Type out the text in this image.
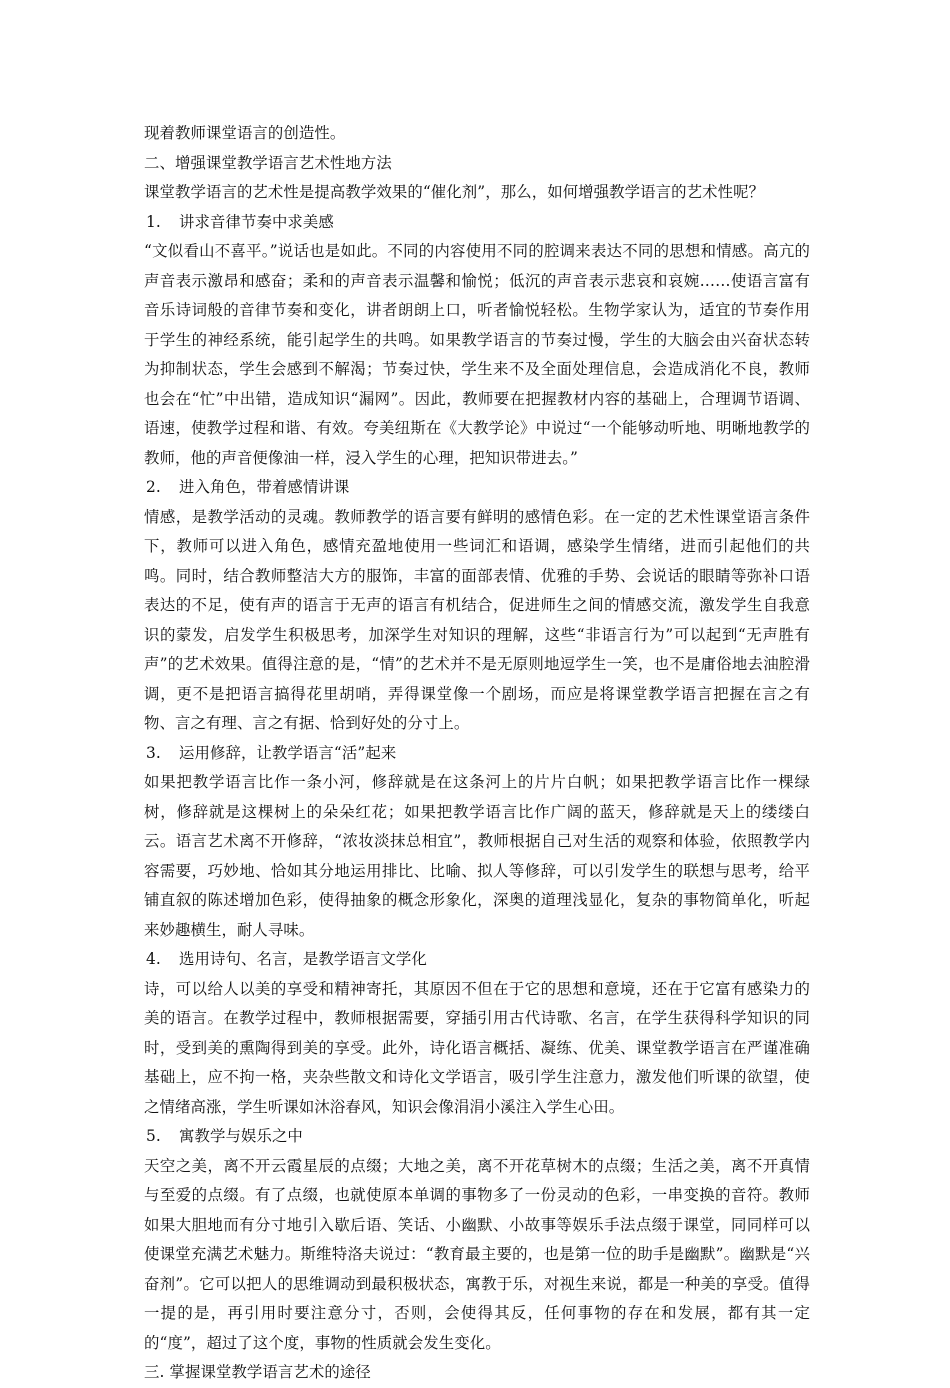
现着教师课堂语言的创造性。
二、增强课堂教学语言艺术性地方法
课堂教学语言的艺术性是提高教学效果的“催化剂”，那么，如何增强教学语言的艺术性呢？
1. 讲求音律节奏中求美感
“文似看山不喜平。”说话也是如此。不同的内容使用不同的腔调来表达不同的思想和情感。高亢的声音表示激昂和感奋；柔和的声音表示温馨和愉悦；低沉的声音表示悲哀和哀婉……使语言富有音乐诗词般的音律节奏和变化，讲者朗朗上口，听者愉悦轻松。生物学家认为，适宜的节奏作用于学生的神经系统，能引起学生的共鸣。如果教学语言的节奏过慢，学生的大脑会由兴奋状态转为抑制状态，学生会感到不解渴；节奏过快，学生来不及全面处理信息，会造成消化不良，教师也会在“忙”中出错，造成知识“漏网”。因此，教师要在把握教材内容的基础上，合理调节语调、语速，使教学过程和谐、有效。夸美纽斯在《大教学论》中说过“一个能够动听地、明晰地教学的教师，他的声音便像油一样，浸入学生的心理，把知识带进去。”
2. 进入角色，带着感情讲课
情感，是教学活动的灵魂。教师教学的语言要有鲜明的感情色彩。在一定的艺术性课堂语言条件下，教师可以进入角色，感情充盈地使用一些词汇和语调，感染学生情绪，进而引起他们的共鸣。同时，结合教师整洁大方的服饰，丰富的面部表情、优雅的手势、会说话的眼睛等弥补口语表达的不足，使有声的语言于无声的语言有机结合，促进师生之间的情感交流，激发学生自我意识的蒙发，启发学生积极思考，加深学生对知识的理解，这些“非语言行为”可以起到“无声胜有声”的艺术效果。值得注意的是，“情”的艺术并不是无原则地逗学生一笑，也不是庸俗地去油腔滑调，更不是把语言搞得花里胡哨，弄得课堂像一个剧场，而应是将课堂教学语言把握在言之有物、言之有理、言之有据、恰到好处的分寸上。
3. 运用修辞，让教学语言“活”起来
如果把教学语言比作一条小河，修辞就是在这条河上的片片白帆；如果把教学语言比作一棵绿树，修辞就是这棵树上的朵朵红花；如果把教学语言比作广阔的蓝天，修辞就是天上的缕缕白云。语言艺术离不开修辞，“浓妆淡抹总相宜”，教师根据自己对生活的观察和体验，依照教学内容需要，巧妙地、恰如其分地运用排比、比喻、拟人等修辞，可以引发学生的联想与思考，给平铺直叙的陈述增加色彩，使得抽象的概念形象化，深奥的道理浅显化，复杂的事物简单化，听起来妙趣横生，耐人寻味。
4. 选用诗句、名言，是教学语言文学化
诗，可以给人以美的享受和精神寄托，其原因不但在于它的思想和意境，还在于它富有感染力的美的语言。在教学过程中，教师根据需要，穿插引用古代诗歌、名言，在学生获得科学知识的同时，受到美的熏陶得到美的享受。此外，诗化语言概括、凝练、优美、课堂教学语言在严谨准确基础上，应不拘一格，夹杂些散文和诗化文学语言，吸引学生注意力，激发他们听课的欲望，使之情绪高涨，学生听课如沐浴春风，知识会像涓涓小溪注入学生心田。
5. 寓教学与娱乐之中
天空之美，离不开云霞星辰的点缀；大地之美，离不开花草树木的点缀；生活之美，离不开真情与至爱的点缀。有了点缀，也就使原本单调的事物多了一份灵动的色彩，一串变换的音符。教师如果大胆地而有分寸地引入歇后语、笑话、小幽默、小故事等娱乐手法点缀于课堂，同同样可以使课堂充满艺术魅力。斯维特洛夫说过：“教育最主要的，也是第一位的助手是幽默”。幽默是“兴奋剂”。它可以把人的思维调动到最积极状态，寓教于乐，对视生来说，都是一种美的享受。值得一提的是，再引用时要注意分寸，否则，会使得其反，任何事物的存在和发展，都有其一定的“度”，超过了这个度，事物的性质就会发生变化。
三. 掌握课堂教学语言艺术的途径
